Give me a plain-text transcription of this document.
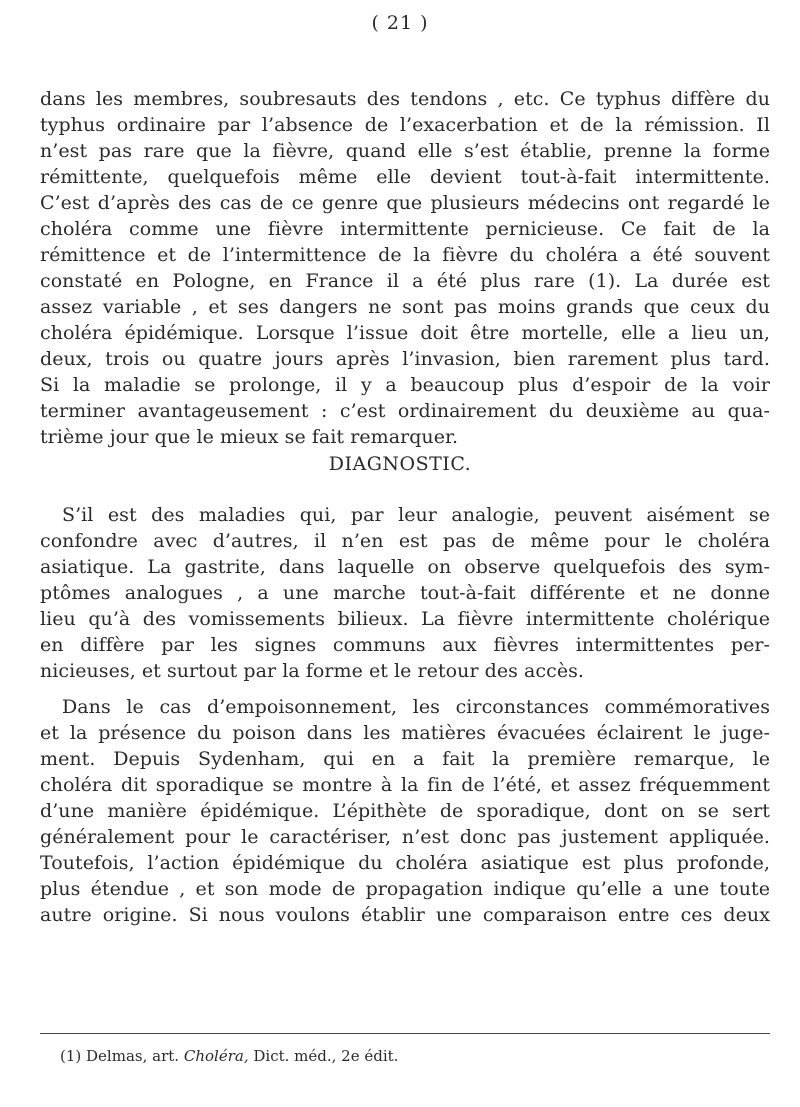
( 21 )
dans les membres, soubresauts des tendons , etc. Ce typhus diffère du
typhus ordinaire par l’absence de l’exacerbation et de la rémission. Il
n’est pas rare que la fièvre, quand elle s’est établie, prenne la forme
rémittente, quelquefois même elle devient tout-à-fait intermittente.
C’est d’après des cas de ce genre que plusieurs médecins ont regardé le
choléra comme une fièvre intermittente pernicieuse. Ce fait de la
rémittence et de l’intermittence de la fièvre du choléra a été souvent
constaté en Pologne, en France il a été plus rare (1). La durée est
assez variable , et ses dangers ne sont pas moins grands que ceux du
choléra épidémique. Lorsque l’issue doit être mortelle, elle a lieu un,
deux, trois ou quatre jours après l’invasion, bien rarement plus tard.
Si la maladie se prolonge, il y a beaucoup plus d’espoir de la voir
terminer avantageusement : c’est ordinairement du deuxième au qua-
trième jour que le mieux se fait remarquer.
DIAGNOSTIC.
S’il est des maladies qui, par leur analogie, peuvent aisément se
confondre avec d’autres, il n’en est pas de même pour le choléra
asiatique. La gastrite, dans laquelle on observe quelquefois des sym-
ptômes analogues , a une marche tout-à-fait différente et ne donne
lieu qu’à des vomissements bilieux. La fièvre intermittente cholérique
en diffère par les signes communs aux fièvres intermittentes per-
nicieuses, et surtout par la forme et le retour des accès.
Dans le cas d’empoisonnement, les circonstances commémoratives
et la présence du poison dans les matières évacuées éclairent le juge-
ment. Depuis Sydenham, qui en a fait la première remarque, le
choléra dit sporadique se montre à la fin de l’été, et assez fréquemment
d’une manière épidémique. L’épithète de sporadique, dont on se sert
généralement pour le caractériser, n’est donc pas justement appliquée.
Toutefois, l’action épidémique du choléra asiatique est plus profonde,
plus étendue , et son mode de propagation indique qu’elle a une toute
autre origine. Si nous voulons établir une comparaison entre ces deux
(1) Delmas, art. Choléra, Dict. méd., 2e édit.
